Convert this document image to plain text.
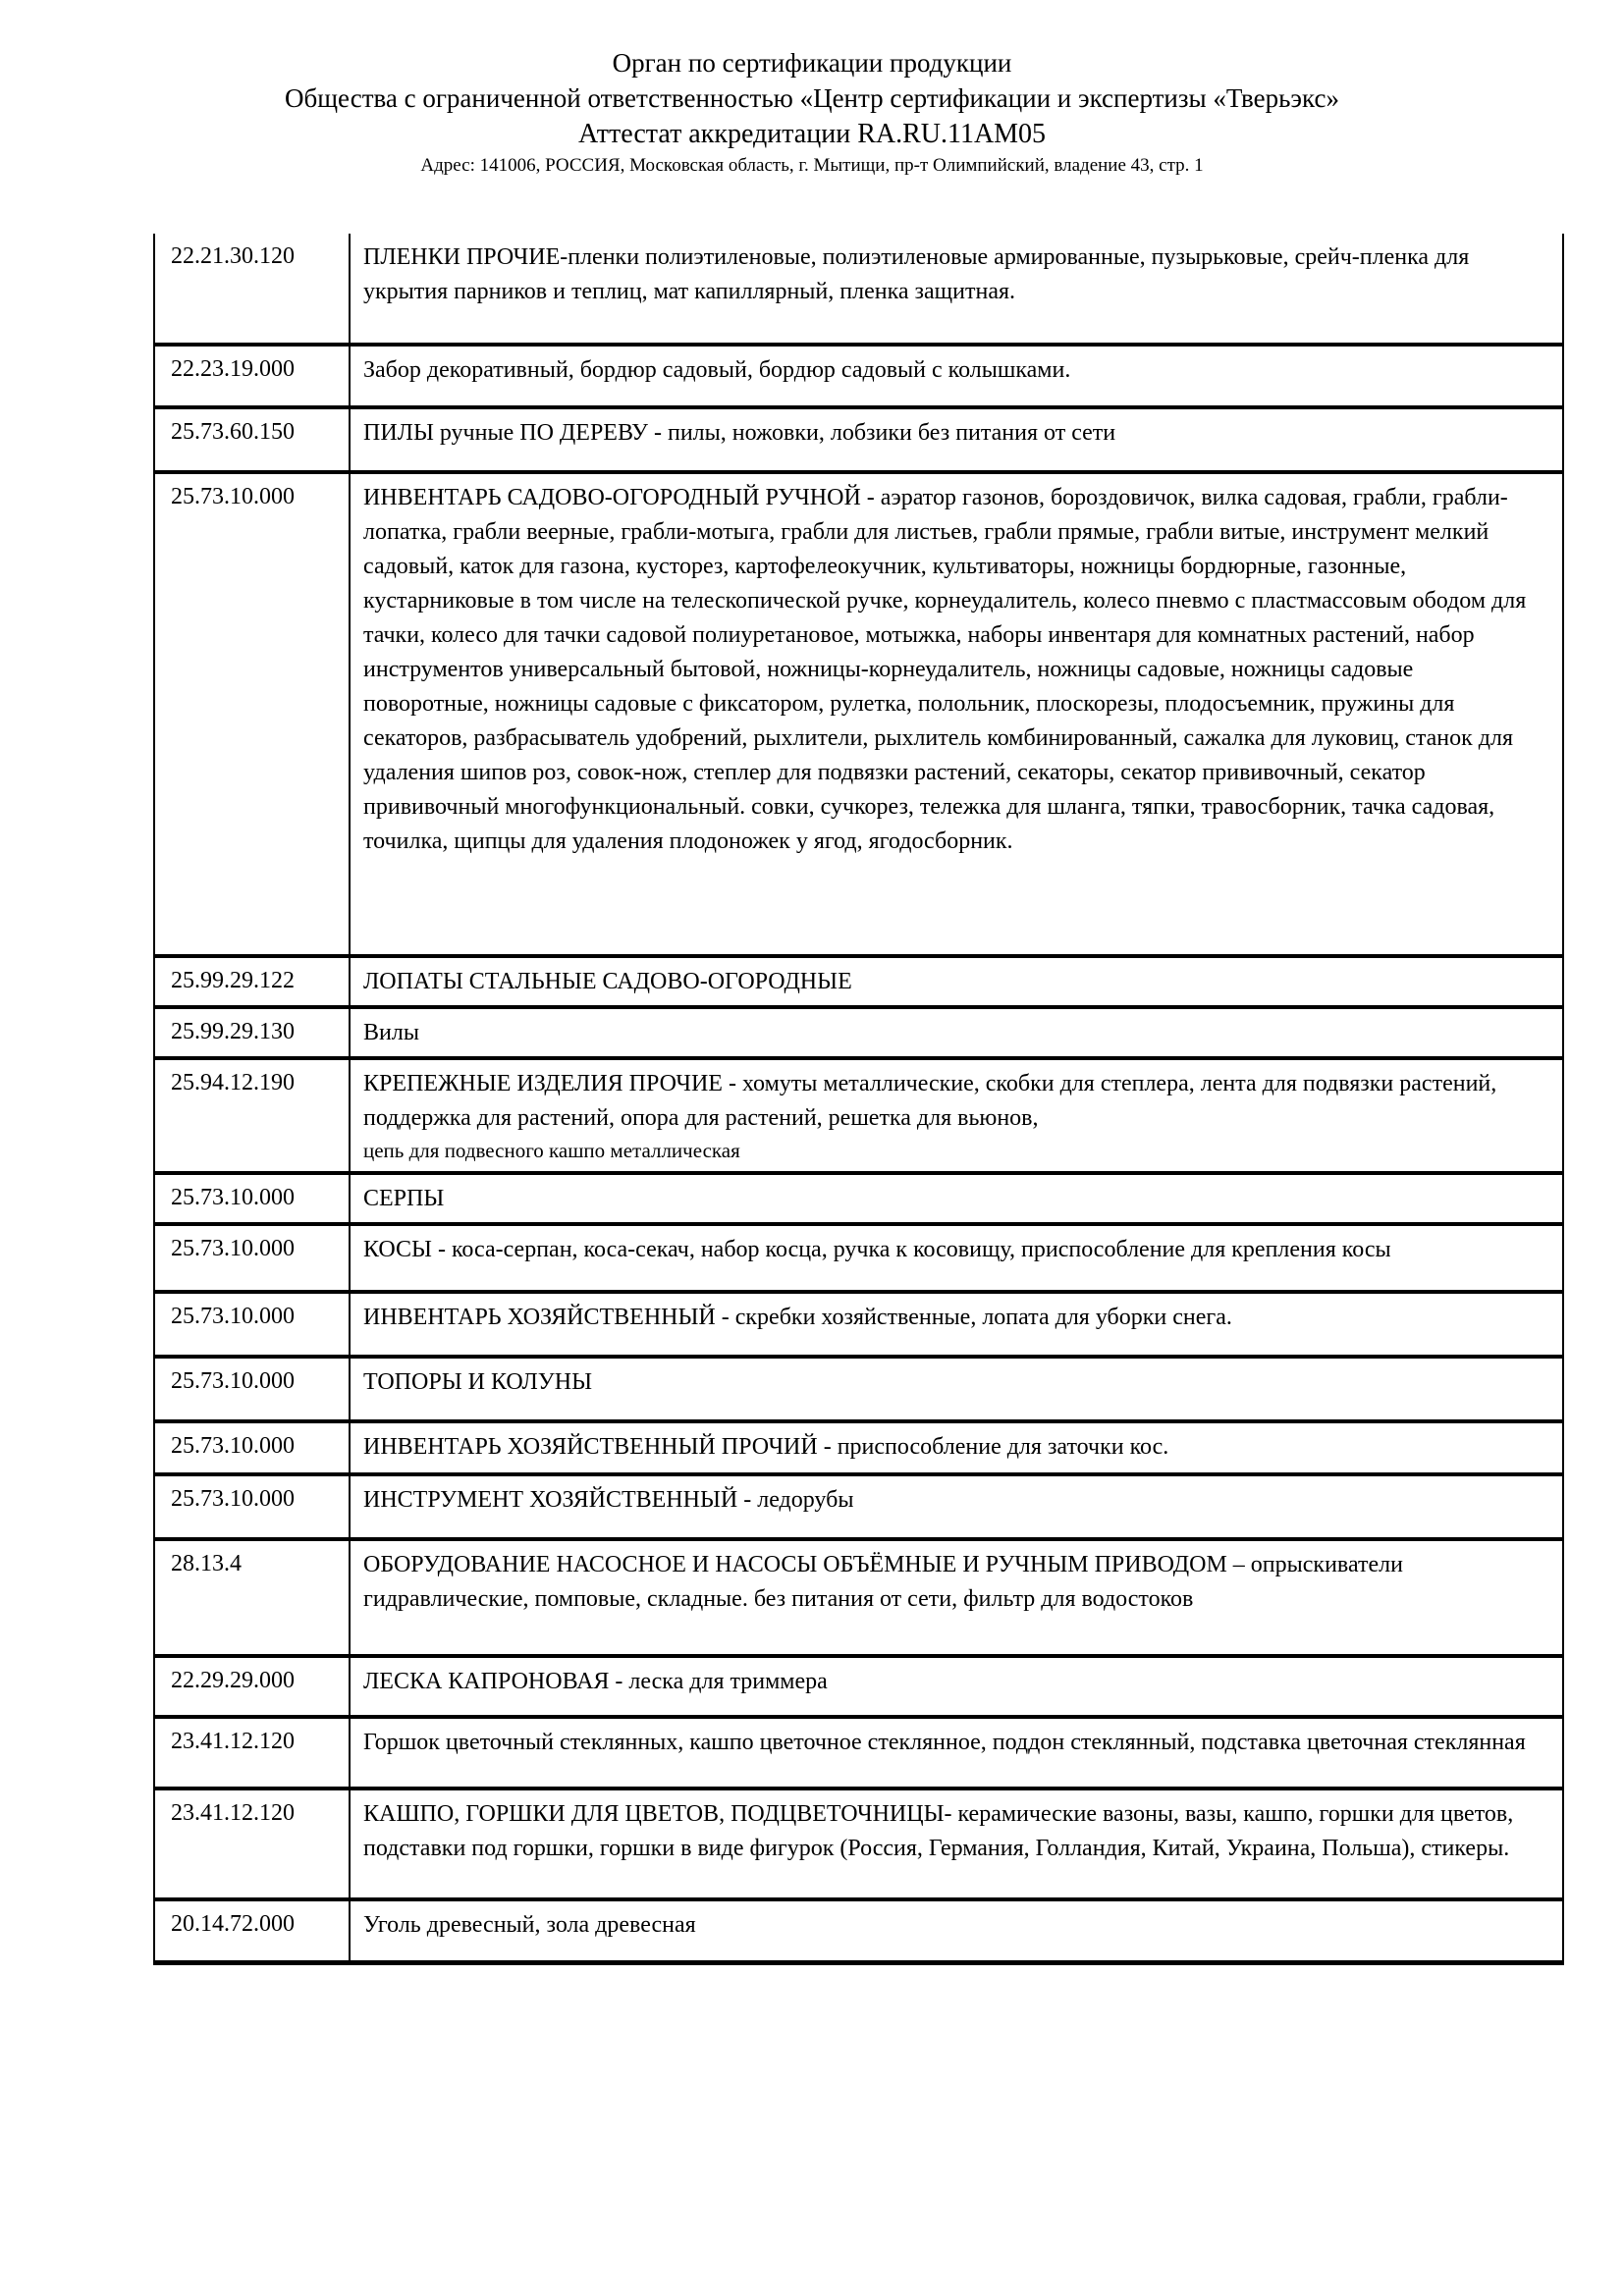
Орган по сертификации продукции
Общества с ограниченной ответственностью «Центр сертификации и экспертизы «Тверьэкс»
Аттестат аккредитации RA.RU.11АМ05
Адрес: 141006, РОССИЯ, Московская область, г. Мытищи, пр-т Олимпийский, владение 43, стр. 1
22.21.30.120	ПЛЕНКИ ПРОЧИЕ-пленки полиэтиленовые, полиэтиленовые армированные, пузырьковые, срейч-пленка для укрытия парников и теплиц, мат капиллярный, пленка защитная.
22.23.19.000	Забор декоративный, бордюр садовый, бордюр садовый с колышками.
25.73.60.150	ПИЛЫ ручные ПО ДЕРЕВУ - пилы, ножовки, лобзики без питания от сети
25.73.10.000	ИНВЕНТАРЬ САДОВО-ОГОРОДНЫЙ РУЧНОЙ - аэратор газонов, бороздовичок, вилка садовая, грабли, грабли-лопатка, грабли веерные, грабли-мотыга, грабли для листьев, грабли прямые, грабли витые, инструмент мелкий садовый, каток для газона, кусторез, картофелеокучник, культиваторы, ножницы бордюрные, газонные, кустарниковые в том числе на телескопической ручке, корнеудалитель, колесо пневмо с пластмассовым ободом для тачки, колесо для тачки садовой полиуретановое, мотыжка, наборы инвентаря для комнатных растений, набор инструментов универсальный бытовой, ножницы-корнеудалитель, ножницы садовые, ножницы садовые поворотные, ножницы садовые с фиксатором, рулетка, полольник, плоскорезы, плодосъемник, пружины для секаторов, разбрасыватель удобрений, рыхлители, рыхлитель комбинированный, сажалка для луковиц, станок для удаления шипов роз, совок-нож, степлер для подвязки растений, секаторы, секатор прививочный, секатор прививочный многофункциональный. совки, сучкорез, тележка для шланга, тяпки, травосборник, тачка садовая, точилка, щипцы для удаления плодоножек у ягод, ягодосборник.
25.99.29.122	ЛОПАТЫ СТАЛЬНЫЕ САДОВО-ОГОРОДНЫЕ
25.99.29.130	Вилы
25.94.12.190	КРЕПЕЖНЫЕ ИЗДЕЛИЯ ПРОЧИЕ - хомуты металлические, скобки для степлера, лента для подвязки растений, поддержка для растений, опора для растений, решетка для вьюнов,
цепь для подвесного кашпо металлическая
25.73.10.000	СЕРПЫ
25.73.10.000	КОСЫ - коса-серпан, коса-секач, набор косца, ручка к косовищу, приспособление для крепления косы
25.73.10.000	ИНВЕНТАРЬ ХОЗЯЙСТВЕННЫЙ - скребки хозяйственные, лопата для уборки снега.
25.73.10.000	ТОПОРЫ И КОЛУНЫ
25.73.10.000	ИНВЕНТАРЬ ХОЗЯЙСТВЕННЫЙ ПРОЧИЙ - приспособление для заточки кос.
25.73.10.000	ИНСТРУМЕНТ ХОЗЯЙСТВЕННЫЙ - ледорубы
28.13.4	ОБОРУДОВАНИЕ НАСОСНОЕ И НАСОСЫ ОБЪЁМНЫЕ И РУЧНЫМ ПРИВОДОМ – опрыскиватели гидравлические, помповые, складные. без питания от сети, фильтр для водостоков
22.29.29.000	ЛЕСКА КАПРОНОВАЯ - леска для триммера
23.41.12.120	Горшок цветочный стеклянных, кашпо цветочное стеклянное, поддон стеклянный, подставка цветочная стеклянная
23.41.12.120	КАШПО, ГОРШКИ ДЛЯ ЦВЕТОВ, ПОДЦВЕТОЧНИЦЫ- керамические вазоны, вазы, кашпо, горшки для цветов, подставки под горшки, горшки в виде фигурок (Россия, Германия, Голландия, Китай, Украина, Польша), стикеры.
20.14.72.000	Уголь древесный, зола древесная
